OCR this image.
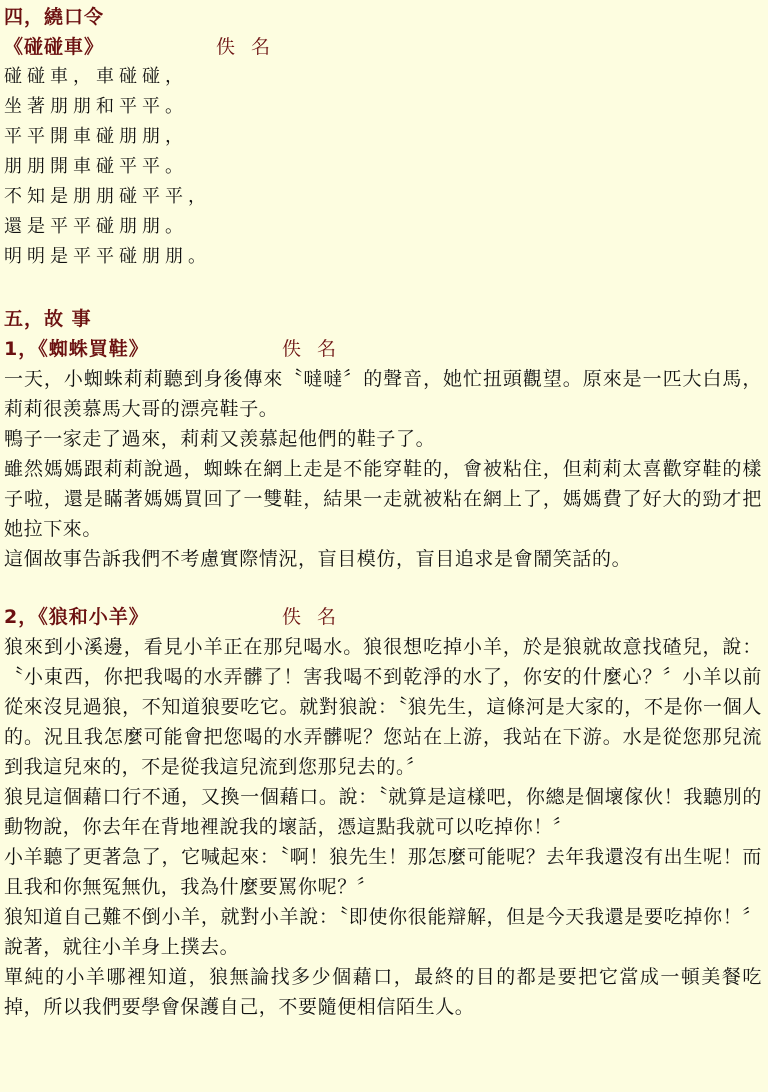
四，繞口令
《碰碰車》	佚 名
碰碰車，車碰碰，
坐著朋朋和平平。
平平開車碰朋朋，
朋朋開車碰平平。
不知是朋朋碰平平，
還是平平碰朋朋。
明明是平平碰朋朋。
五，故 事
1，《蜘蛛買鞋》	佚 名

一天，小蜘蛛莉莉聽到身後傳來〝噠噠〞的聲音，她忙扭頭觀望。原來是一匹大白馬，莉莉很羡慕馬大哥的漂亮鞋子。

鴨子一家走了過來，莉莉又羡慕起他們的鞋子了。

雖然媽媽跟莉莉說過，蜘蛛在網上走是不能穿鞋的，會被粘住，但莉莉太喜歡穿鞋的樣子啦，還是瞞著媽媽買回了一雙鞋，結果一走就被粘在網上了，媽媽費了好大的勁才把她拉下來。

這個故事告訴我們不考慮實際情況，盲目模仿，盲目追求是會鬧笑話的。

2，《狼和小羊》	佚 名

狼來到小溪邊，看見小羊正在那兒喝水。狼很想吃掉小羊，於是狼就故意找碴兒，說：〝小東西，你把我喝的水弄髒了！害我喝不到乾淨的水了，你安的什麼心？〞小羊以前從來沒見過狼，不知道狼要吃它。就對狼說：〝狼先生，這條河是大家的，不是你一個人的。況且我怎麼可能會把您喝的水弄髒呢？您站在上游，我站在下游。水是從您那兒流到我這兒來的，不是從我這兒流到您那兒去的。〞

狼見這個藉口行不通，又換一個藉口。說：〝就算是這樣吧，你總是個壞傢伙！我聽別的動物說，你去年在背地裡說我的壞話，憑這點我就可以吃掉你！〞

小羊聽了更著急了，它喊起來：〝啊！狼先生！那怎麼可能呢？去年我還沒有出生呢！而且我和你無冤無仇，我為什麼要罵你呢？〞

狼知道自己難不倒小羊，就對小羊說：〝即使你很能辯解，但是今天我還是要吃掉你！〞說著，就往小羊身上撲去。

單純的小羊哪裡知道，狼無論找多少個藉口，最終的目的都是要把它當成一頓美餐吃掉，所以我們要學會保護自己，不要隨便相信陌生人。
